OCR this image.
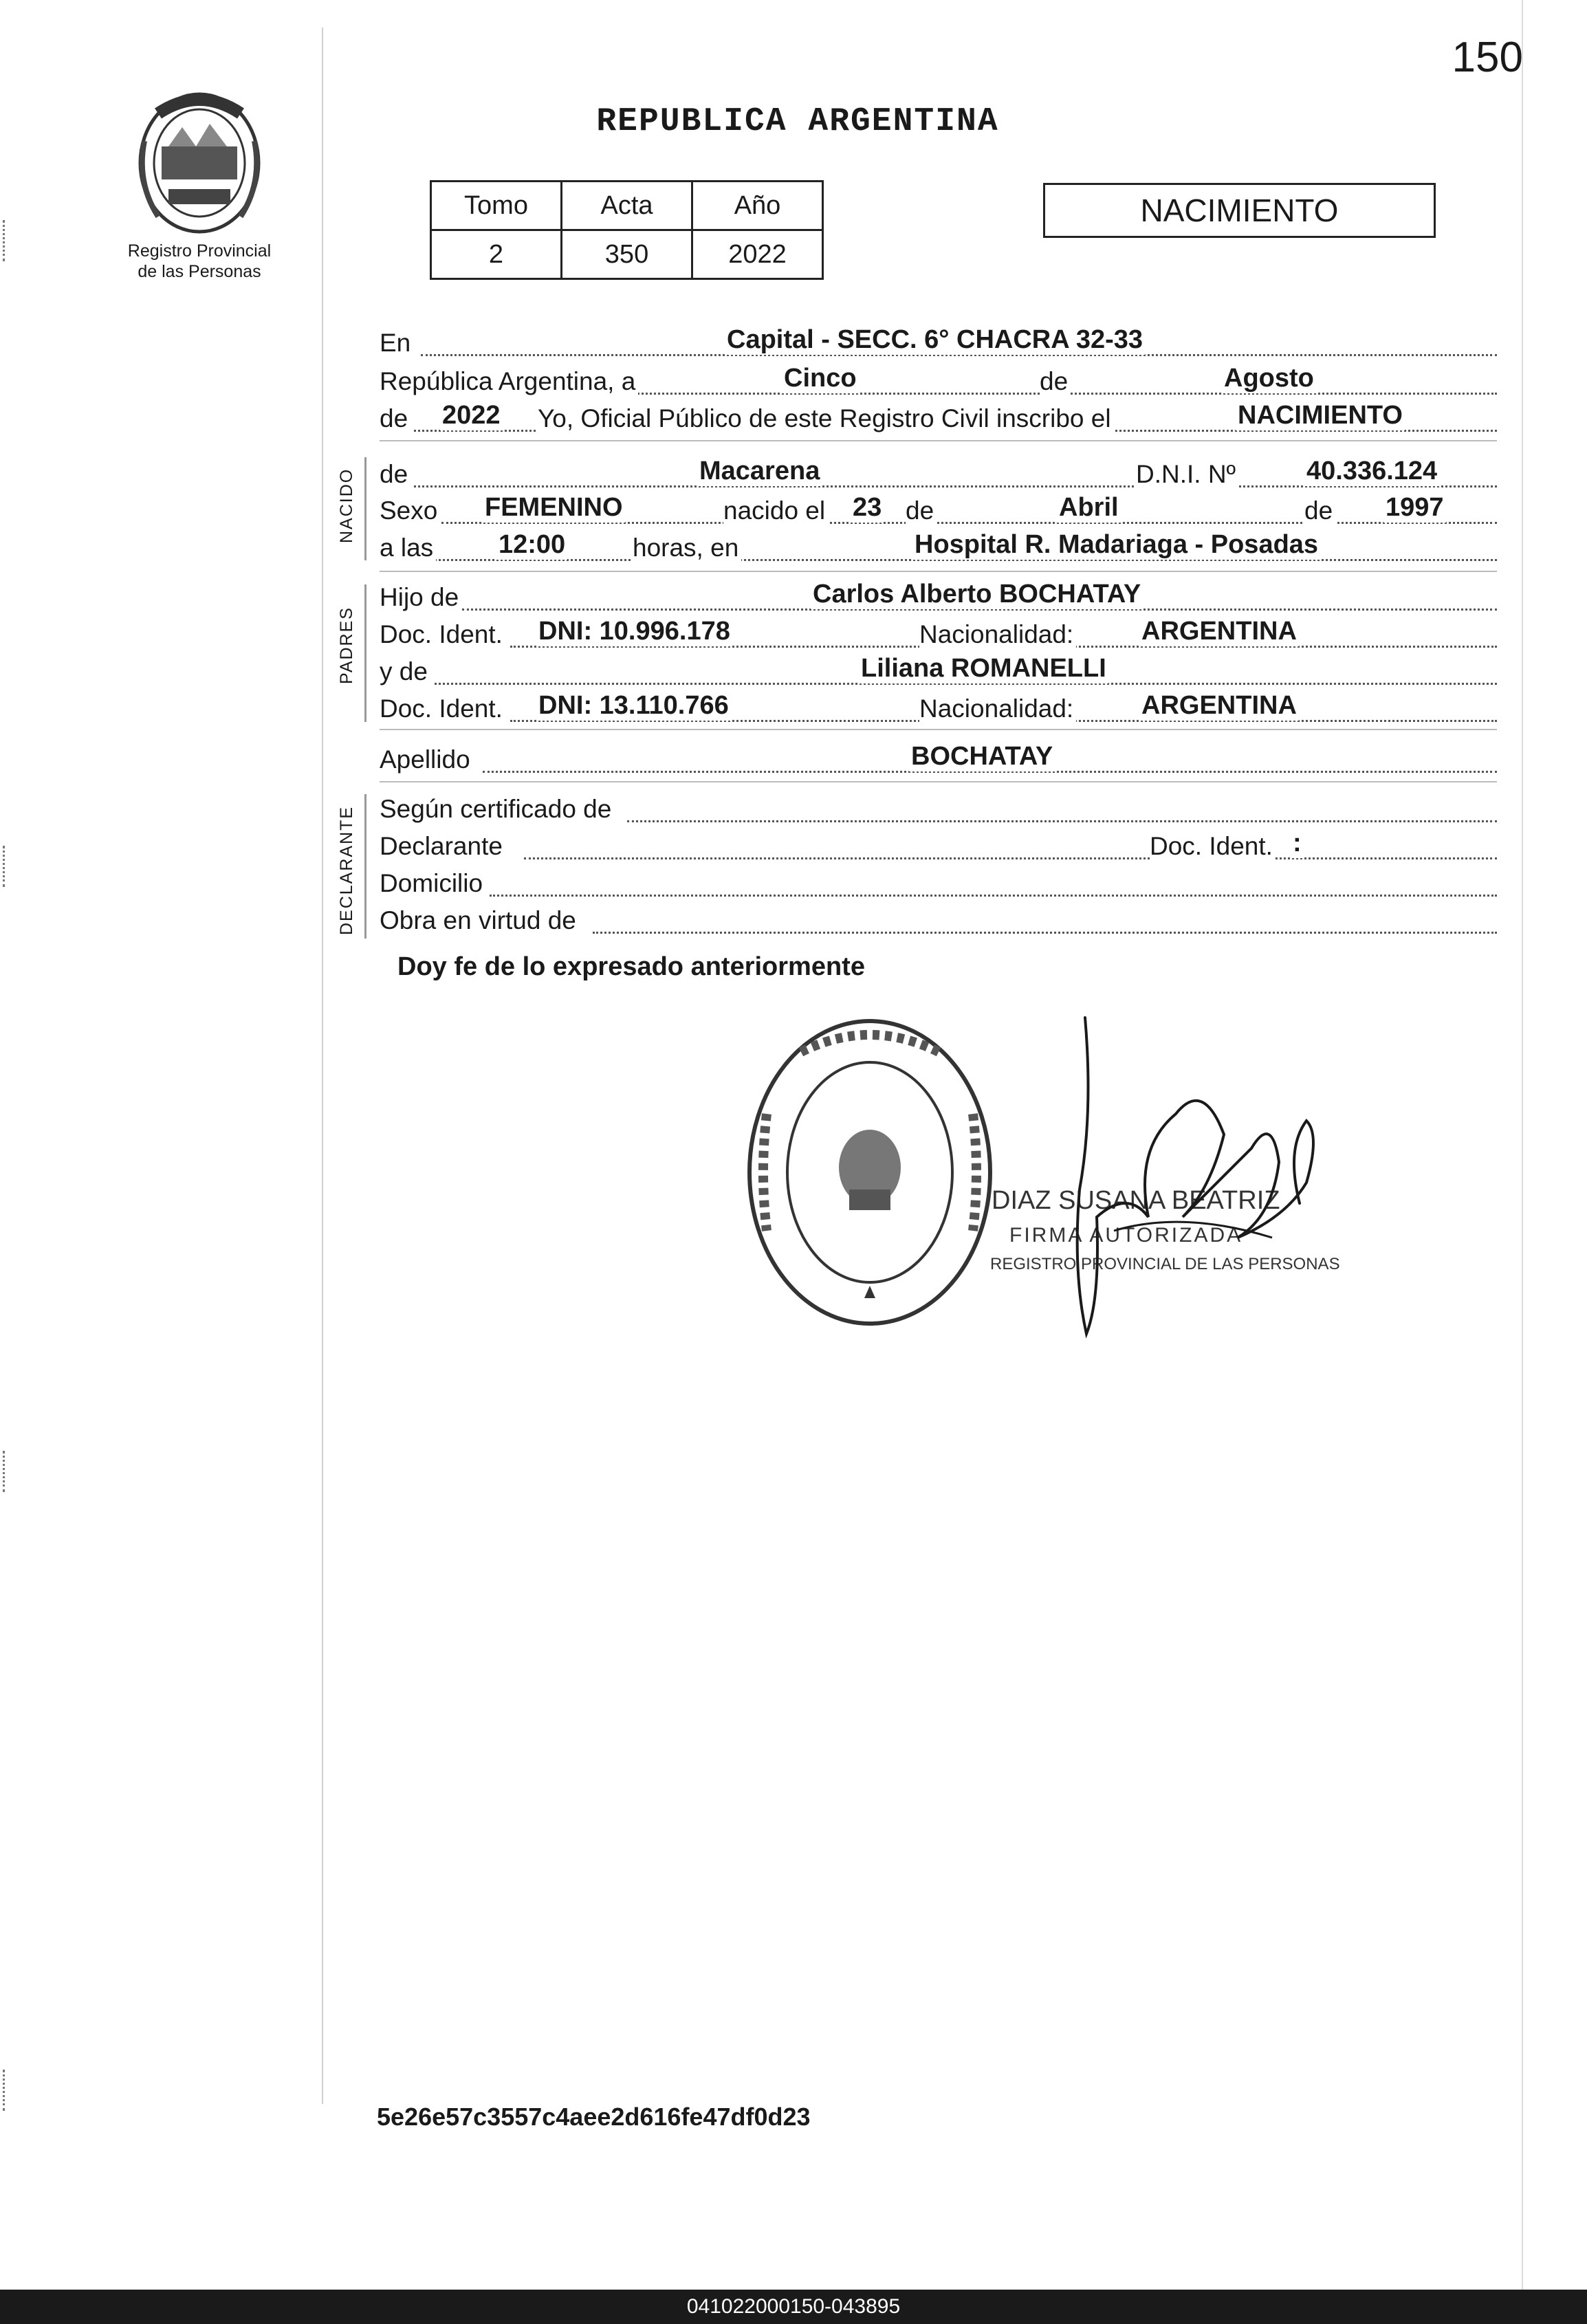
150
Registro Provincial
de las Personas
REPUBLICA ARGENTINA
Tomo	Acta	Año
2	350	2022
NACIMIENTO
En	Capital - SECC. 6° CHACRA 32-33
República Argentina, a	Cinco	de	Agosto
de 2022 Yo, Oficial Público de este Registro Civil inscribo el	NACIMIENTO
NACIDO de	Macarena	D.N.I. Nº	40.336.124
Sexo FEMENINO	nacido el 23 de	Abril	de 1997
a las 12:00	horas, en	Hospital R. Madariaga - Posadas
PADRES
Hijo de	Carlos Alberto BOCHATAY
Doc. Ident. DNI: 10.996.178	Nacionalidad:	ARGENTINA
y de	Liliana ROMANELLI
Doc. Ident. DNI: 13.110.766	Nacionalidad:	ARGENTINA
Apellido	BOCHATAY
DECLARANTE Según certificado de
Declarante	Doc. Ident. :
Domicilio
Obra en virtud de
Doy fe de lo expresado anteriormente
DIAZ SUSANA BEATRIZ
FIRMA AUTORIZADA
REGISTRO PROVINCIAL DE LAS PERSONAS
5e26e57c3557c4aee2d616fe47df0d23
041022000150-043895
